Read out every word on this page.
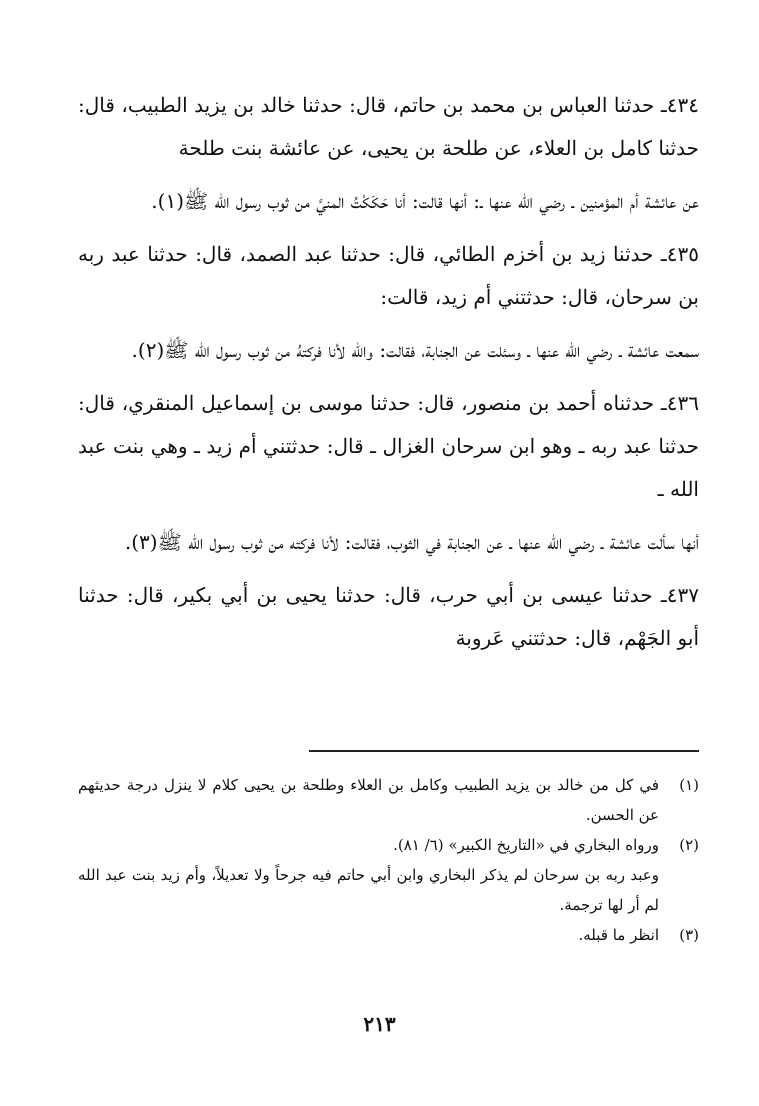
٤٣٤ـ حدثنا العباس بن محمد بن حاتم، قال: حدثنا خالد بن يزيد الطبيب، قال: حدثنا كامل بن العلاء، عن طلحة بن يحيى، عن عائشة بنت طلحة

عن عائشة أم المؤمنين ـ رضي الله عنها ـ: أنها قالت: أنا حَكَكْتُ المنيَّ من ثوب رسول الله ﷺ(١).

٤٣٥ـ حدثنا زيد بن أخزم الطائي، قال: حدثنا عبد الصمد، قال: حدثنا عبد ربه بن سرحان، قال: حدثتني أم زيد، قالت:

سمعت عائشة ـ رضي الله عنها ـ وسئلت عن الجنابة، فقالت: والله لأنا فركتهُ من ثوب رسول الله ﷺ(٢).

٤٣٦ـ حدثناه أحمد بن منصور، قال: حدثنا موسى بن إسماعيل المنقري، قال: حدثنا عبد ربه ـ وهو ابن سرحان الغزال ـ قال: حدثتني أم زيد ـ وهي بنت عبد الله ـ

أنها سألت عائشة ـ رضي الله عنها ـ عن الجنابة في الثوب، فقالت: لأنا فركته من ثوب رسول الله ﷺ(٣).

٤٣٧ـ حدثنا عيسى بن أبي حرب، قال: حدثنا يحيى بن أبي بكير، قال: حدثنا أبو الجَهْم، قال: حدثتني عَروبة

(١)
في كل من خالد بن يزيد الطبيب وكامل بن العلاء وطلحة بن يحيى كلام لا ينزل درجة حديثهم عن الحسن.
(٢)
ورواه البخاري في «التاريخ الكبير» (٦/ ٨١).
وعبد ربه بن سرحان لم يذكر البخاري وابن أبي حاتم فيه جرحاً ولا تعديلاً، وأم زيد بنت عبد الله لم أر لها ترجمة.
(٣)
انظر ما قبله.
٢١٣
